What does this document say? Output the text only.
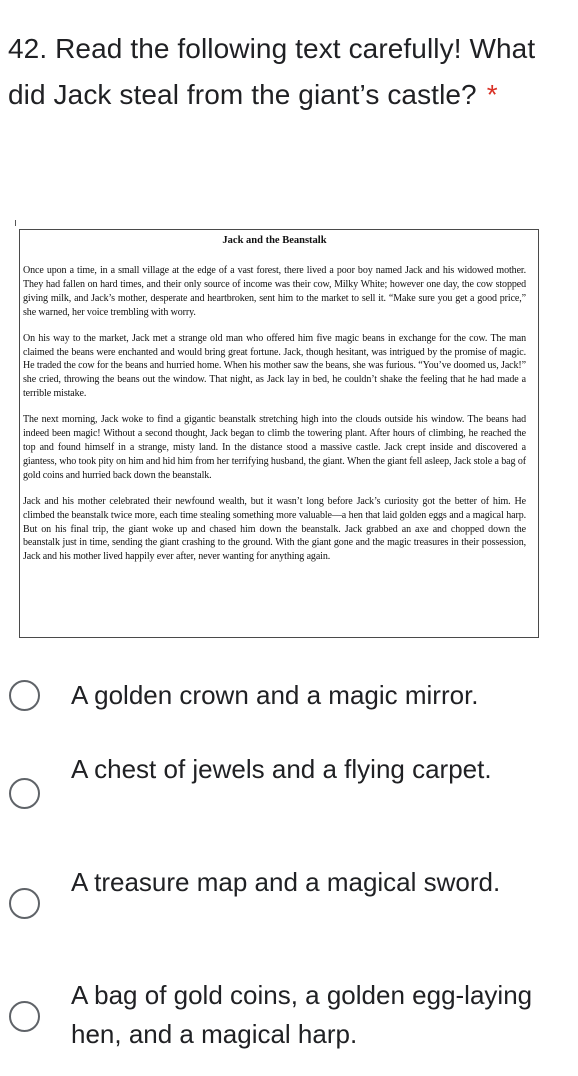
42. Read the following text carefully! What did Jack steal from the giant’s castle? *
Jack and the Beanstalk

Once upon a time, in a small village at the edge of a vast forest, there lived a poor boy named Jack and his widowed mother. They had fallen on hard times, and their only source of income was their cow, Milky White; however one day, the cow stopped giving milk, and Jack’s mother, desperate and heartbroken, sent him to the market to sell it. “Make sure you get a good price,” she warned, her voice trembling with worry.

On his way to the market, Jack met a strange old man who offered him five magic beans in exchange for the cow. The man claimed the beans were enchanted and would bring great fortune. Jack, though hesitant, was intrigued by the promise of magic. He traded the cow for the beans and hurried home. When his mother saw the beans, she was furious. “You’ve doomed us, Jack!” she cried, throwing the beans out the window. That night, as Jack lay in bed, he couldn’t shake the feeling that he had made a terrible mistake.

The next morning, Jack woke to find a gigantic beanstalk stretching high into the clouds outside his window. The beans had indeed been magic! Without a second thought, Jack began to climb the towering plant. After hours of climbing, he reached the top and found himself in a strange, misty land. In the distance stood a massive castle. Jack crept inside and discovered a giantess, who took pity on him and hid him from her terrifying husband, the giant. When the giant fell asleep, Jack stole a bag of gold coins and hurried back down the beanstalk.

Jack and his mother celebrated their newfound wealth, but it wasn’t long before Jack’s curiosity got the better of him. He climbed the beanstalk twice more, each time stealing something more valuable—a hen that laid golden eggs and a magical harp. But on his final trip, the giant woke up and chased him down the beanstalk. Jack grabbed an axe and chopped down the beanstalk just in time, sending the giant crashing to the ground. With the giant gone and the magic treasures in their possession, Jack and his mother lived happily ever after, never wanting for anything again.

A golden crown and a magic mirror.
A chest of jewels and a flying carpet.
A treasure map and a magical sword.
A bag of gold coins, a golden egg-laying hen, and a magical harp.
